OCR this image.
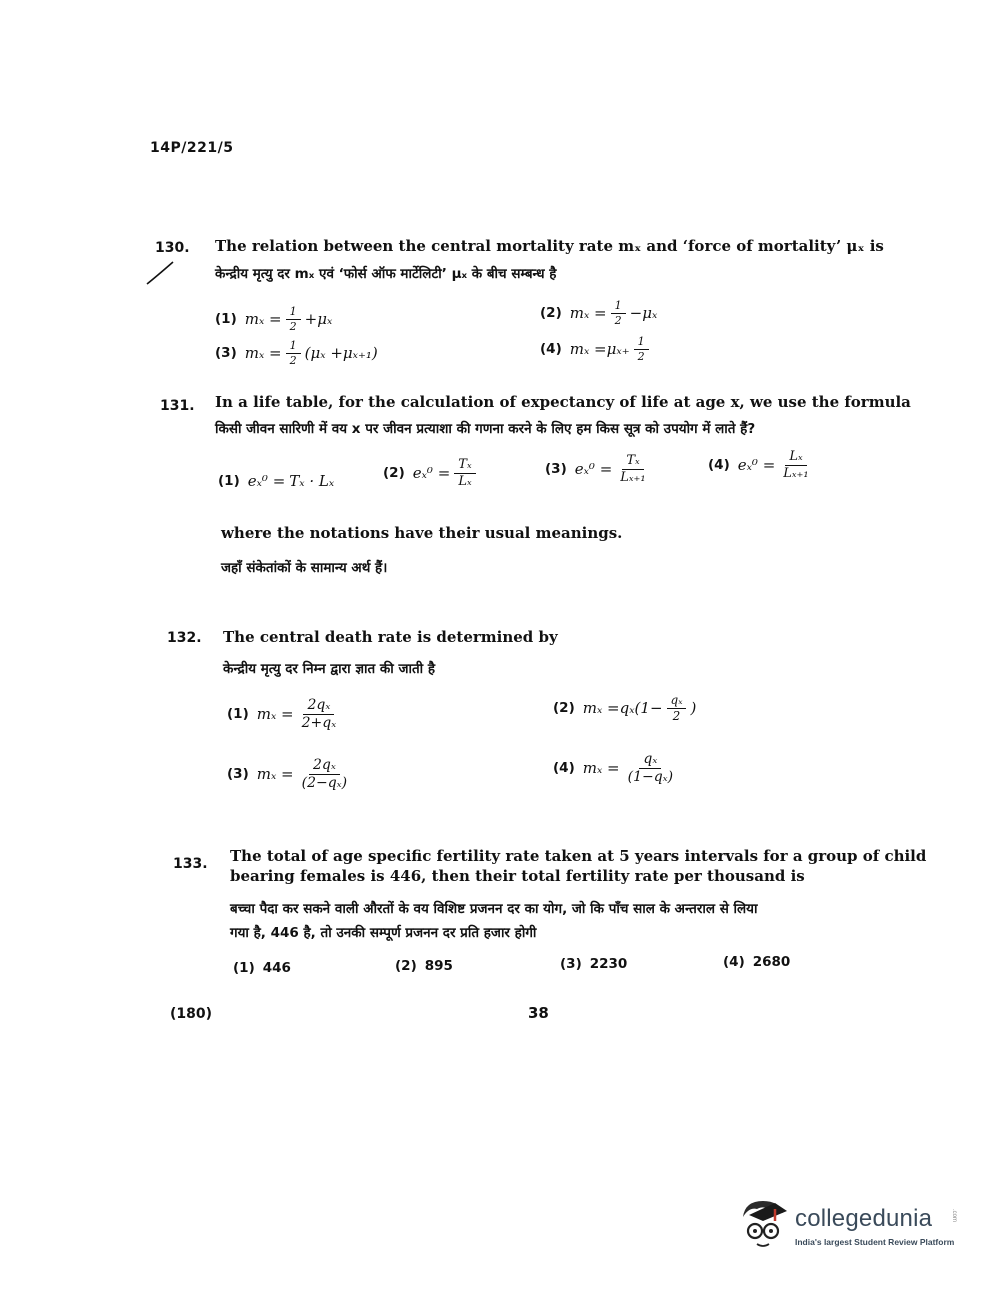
14P/221/5
130. The relation between the central mortality rate mₓ and ‘force of mortality’ μₓ is
केन्द्रीय मृत्यु दर mₓ एवं ‘फोर्स ऑफ मार्टेलिटी’ μₓ के बीच सम्बन्ध है
(1) $m_x = \frac{1}{2} +\mu_x$	(2) $m_x = \frac{1}{2} -\mu_x$
(3) $m_x = \frac{1}{2} (\mu_x +\mu_{x+1})$	(4) $m_x =\mu_{x+} \frac{1}{2}$
131. In a life table, for the calculation of expectancy of life at age x, we use the formula
किसी जीवन सारिणी में वय x पर जीवन प्रत्याशा की गणना करने के लिए हम किस सूत्र को उपयोग में लाते हैं?
(1) eₓ⁰ = Tₓ · Lₓ	(2) $e_x^0 = \frac{\text{Tₓ}}{\text{Lₓ}}$	(3) $e_x^0 = \frac{\text{Tₓ}}{\text{Lₓ₊₁}}$	(4) $e_x^0 = \frac{\text{Lₓ}}{\text{Lₓ₊₁}}$
where the notations have their usual meanings.
जहाँ संकेतांकों के सामान्य अर्थ हैं।
132. The central death rate is determined by
केन्द्रीय मृत्यु दर निम्न द्वारा ज्ञात की जाती है
(1) $m_x = \frac{\text{2qₓ}}{\text{2+qₓ}}$	(2) $m_x =q_x(1- \frac{\text{qₓ}}{2}$ )
(3) $m_x = \frac{\text{2qₓ}}{\text{(2−qₓ)}}$	(4) $m_x = \frac{\text{qₓ}}{\text{(1−qₓ)}}$
133. The total of age specific fertility rate taken at 5 years intervals for a group of child
bearing females is 446, then their total fertility rate per thousand is
बच्चा पैदा कर सकने वाली औरतों के वय विशिष्ट प्रजनन दर का योग, जो कि पाँच साल के अन्तराल से लिया
गया है, 446 है, तो उनकी सम्पूर्ण प्रजनन दर प्रति हजार होगी
(1) 446	(2) 895	(3) 2230	(4) 2680
(180)	38
collegedunia	.com
India's largest Student Review Platform
